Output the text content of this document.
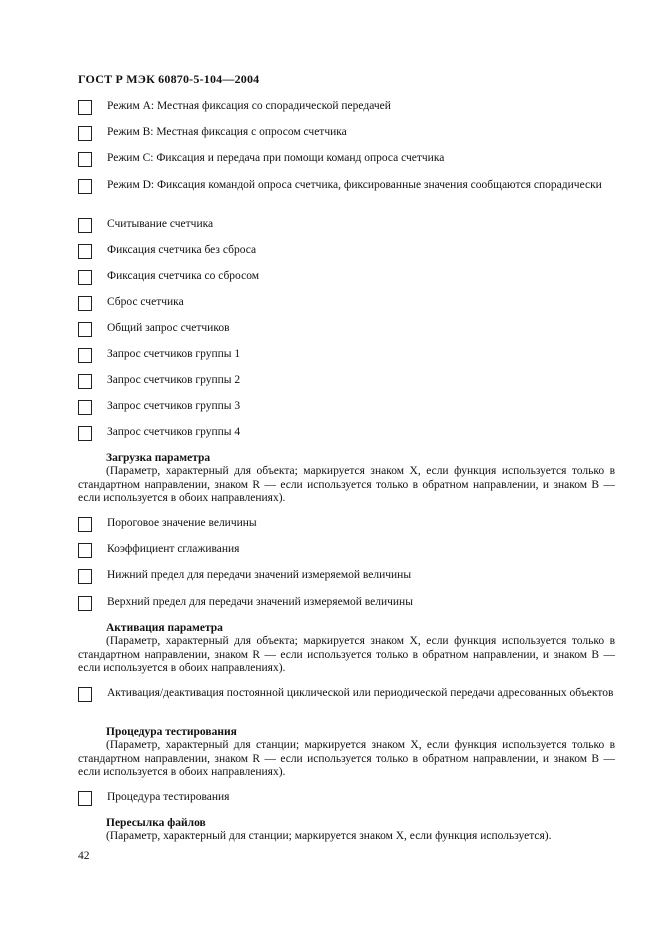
ГОСТ Р МЭК 60870-5-104—2004
Режим А: Местная фиксация со спорадической передачей
Режим В: Местная фиксация с опросом счетчика
Режим С: Фиксация и передача при помощи команд опроса счетчика
Режим D: Фиксация командой опроса счетчика, фиксированные значения сообщаются спорадически
Считывание счетчика
Фиксация счетчика без сброса
Фиксация счетчика со сбросом
Сброс счетчика
Общий запрос счетчиков
Запрос счетчиков группы 1
Запрос счетчиков группы 2
Запрос счетчиков группы 3
Запрос счетчиков группы 4
Загрузка параметра
(Параметр, характерный для объекта; маркируется знаком X, если функция используется только в стандартном направлении, знаком R — если используется только в обратном направлении, и знаком B — если используется в обоих направлениях).
Пороговое значение величины
Коэффициент сглаживания
Нижний предел для передачи значений измеряемой величины
Верхний предел для передачи значений измеряемой величины
Активация параметра
(Параметр, характерный для объекта; маркируется знаком X, если функция используется только в стандартном направлении, знаком R — если используется только в обратном направлении, и знаком B — если используется в обоих направлениях).
Активация/деактивация постоянной циклической или периодической передачи адресованных объектов
Процедура тестирования
(Параметр, характерный для станции; маркируется знаком X, если функция используется только в стандартном направлении, знаком R — если используется только в обратном направлении, и знаком B — если используется в обоих направлениях).
Процедура тестирования
Пересылка файлов
(Параметр, характерный для станции; маркируется знаком X, если функция используется).
42
